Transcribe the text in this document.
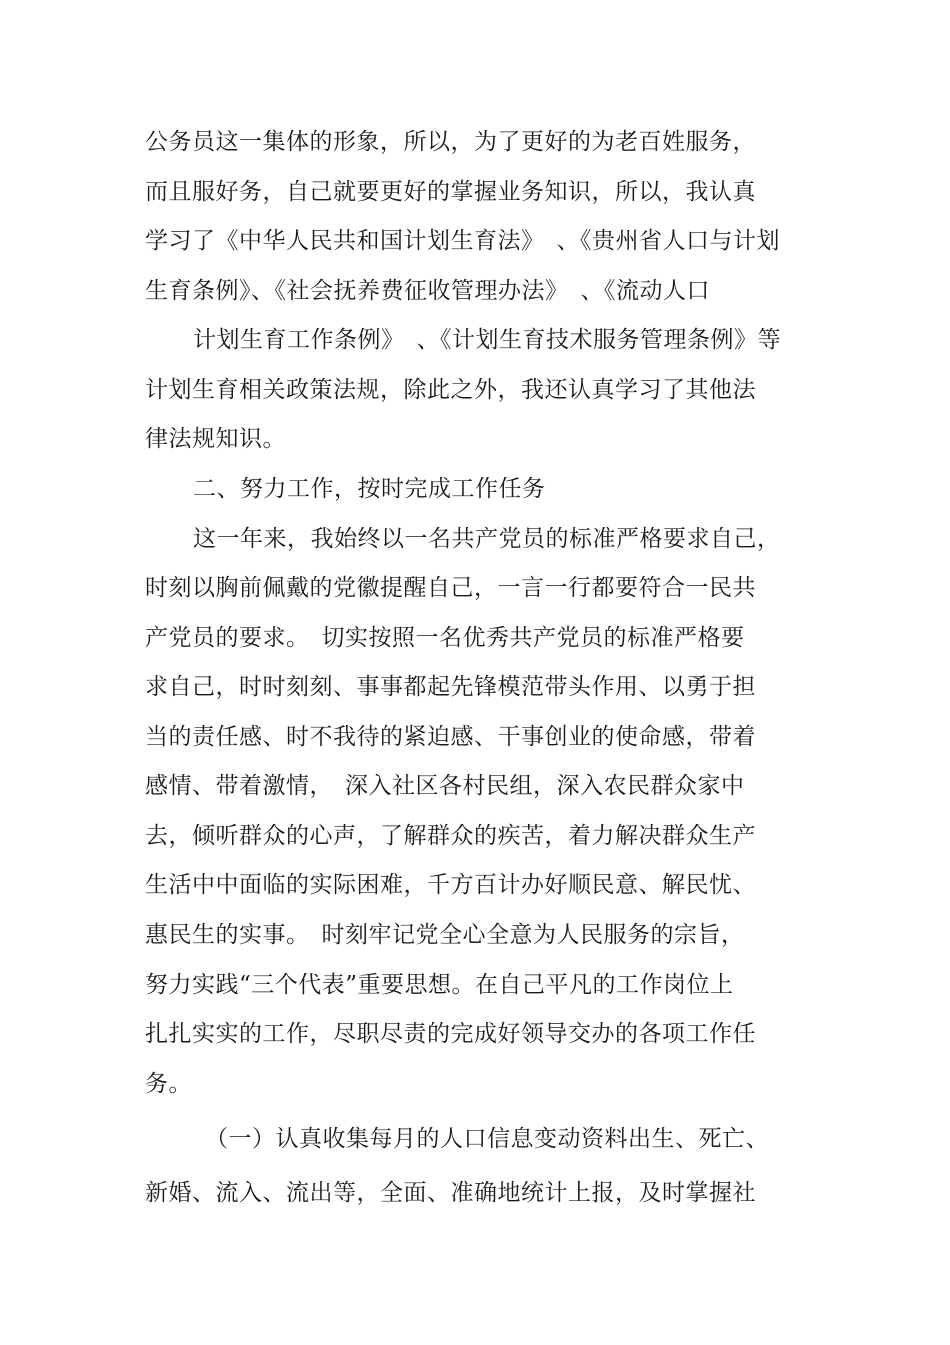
公务员这一集体的形象，所以，为了更好的为老百姓服务，
而且服好务，自己就要更好的掌握业务知识，所以，我认真
学习了《中华人民共和国计划生育法》　、《贵州省人口与计划
生育条例》、《社会抚养费征收管理办法》　、《流动人口
计划生育工作条例》　、《计划生育技术服务管理条例》等
计划生育相关政策法规，除此之外，我还认真学习了其他法
律法规知识。
二、努力工作，按时完成工作任务
这一年来，我始终以一名共产党员的标准严格要求自己，
时刻以胸前佩戴的党徽提醒自己，一言一行都要符合一民共
产党员的要求。　切实按照一名优秀共产党员的标准严格要
求自己，时时刻刻、事事都起先锋模范带头作用、以勇于担
当的责任感、时不我待的紧迫感、干事创业的使命感，带着
感情、带着激情，　深入社区各村民组，深入农民群众家中
去，倾听群众的心声，了解群众的疾苦，着力解决群众生产
生活中中面临的实际困难，千方百计办好顺民意、解民忧、
惠民生的实事。　时刻牢记党全心全意为人民服务的宗旨，
努力实践“三个代表”重要思想。在自己平凡的工作岗位上
扎扎实实的工作，尽职尽责的完成好领导交办的各项工作任
务。
（一）认真收集每月的人口信息变动资料出生、死亡、
新婚、流入、流出等，全面、准确地统计上报，及时掌握社
